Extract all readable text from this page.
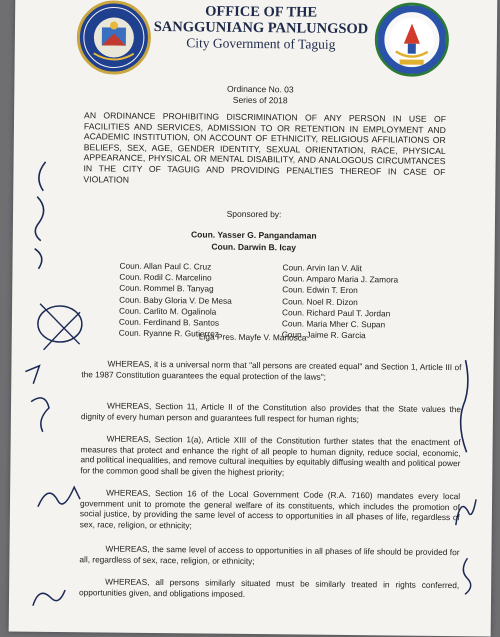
OFFICE OF THE
SANGGUNIANG PANLUNGSOD
City Government of Taguig
Ordinance No. 03
Series of 2018
AN ORDINANCE PROHIBITING DISCRIMINATION OF ANY PERSON IN USE OF FACILITIES AND SERVICES, ADMISSION TO OR RETENTION IN EMPLOYMENT AND ACADEMIC INSTITUTION, ON ACCOUNT OF ETHNICITY, RELIGIOUS AFFILIATIONS OR BELIEFS, SEX, AGE, GENDER IDENTITY, SEXUAL ORIENTATION, RACE, PHYSICAL APPEARANCE, PHYSICAL OR MENTAL DISABILITY, AND ANALOGOUS CIRCUMTANCES IN THE CITY OF TAGUIG AND PROVIDING PENALTIES THEREOF IN CASE OF VIOLATION
Sponsored by:
Coun. Yasser G. Pangandaman
Coun. Darwin B. Icay
Coun. Allan Paul C. Cruz
Coun. Rodil C. Marcelino
Coun. Rommel B. Tanyag
Coun. Baby Gloria V. De Mesa
Coun. Carlito M. Ogalinola
Coun. Ferdinand B. Santos
Coun. Ryanne R. Gutierrez
Coun. Arvin Ian V. Alit
Coun. Amparo Maria J. Zamora
Coun. Edwin T. Eron
Coun. Noel R. Dizon
Coun. Richard Paul T. Jordan
Coun. Maria Mher C. Supan
Coun. Jaime R. Garcia
Liga Pres. Mayfe V. Mañosca
WHEREAS, it is a universal norm that "all persons are created equal" and Section 1, Article III of the 1987 Constitution guarantees the equal protection of the laws";
WHEREAS, Section 11, Article II of the Constitution also provides that the State values the dignity of every human person and guarantees full respect for human rights;
WHEREAS, Section 1(a), Article XIII of the Constitution further states that the enactment of measures that protect and enhance the right of all people to human dignity, reduce social, economic, and political inequalities, and remove cultural inequities by equitably diffusing wealth and political power for the common good shall be given the highest priority;
WHEREAS, Section 16 of the Local Government Code (R.A. 7160) mandates every local government unit to promote the general welfare of its constituents, which includes the promotion of social justice, by providing the same level of access to opportunities in all phases of life, regardless of sex, race, religion, or ethnicity;
WHEREAS, the same level of access to opportunities in all phases of life should be provided for all, regardless of sex, race, religion, or ethnicity;
WHEREAS, all persons similarly situated must be similarly treated in rights conferred, opportunities given, and obligations imposed.
